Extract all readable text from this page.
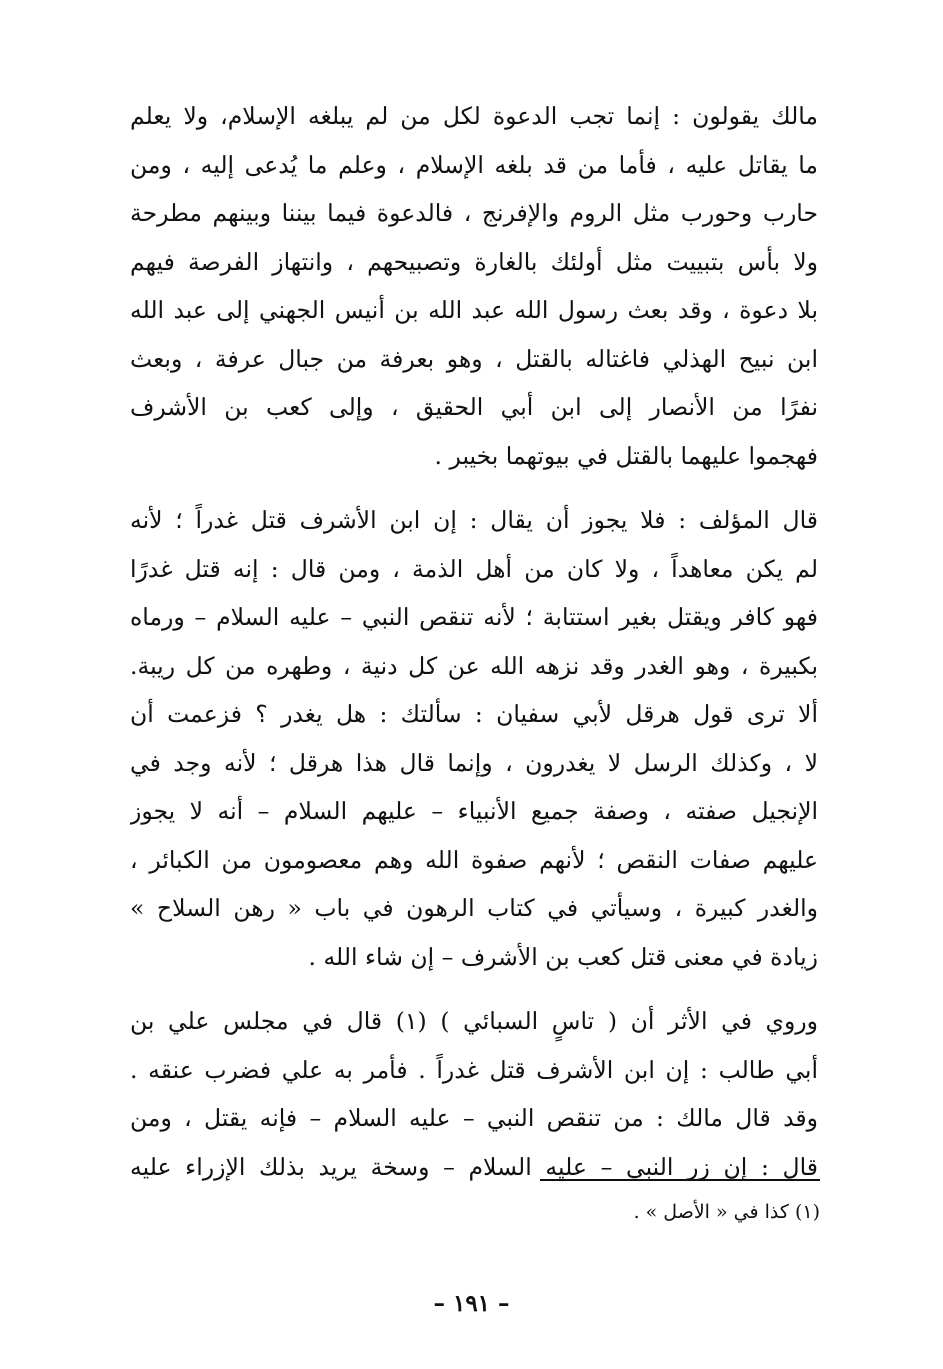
مالك يقولون : إنما تجب الدعوة لكل من لم يبلغه الإسلام، ولا يعلم
ما يقاتل عليه ، فأما من قد بلغه الإسلام ، وعلم ما يُدعى إليه ، ومن
حارب وحورب مثل الروم والإفرنج ، فالدعوة فيما بيننا وبينهم مطرحة
ولا بأس بتبييت مثل أولئك بالغارة وتصبيحهم ، وانتهاز الفرصة فيهم
بلا دعوة ، وقد بعث رسول الله عبد الله بن أنيس الجهني إلى عبد الله
ابن نبيح الهذلي فاغتاله بالقتل ، وهو بعرفة من جبال عرفة ، وبعث
نفرًا من الأنصار إلى ابن أبي الحقيق ، وإلى كعب بن الأشرف
فهجموا عليهما بالقتل في بيوتهما بخيبر .
قال المؤلف : فلا يجوز أن يقال : إن ابن الأشرف قتل غدراً ؛ لأنه
لم يكن معاهداً ، ولا كان من أهل الذمة ، ومن قال : إنه قتل غدرًا
فهو كافر ويقتل بغير استتابة ؛ لأنه تنقص النبي – عليه السلام – ورماه
بكبيرة ، وهو الغدر وقد نزهه الله عن كل دنية ، وطهره من كل ريبة.
ألا ترى قول هرقل لأبي سفيان : سألتك : هل يغدر ؟ فزعمت أن
لا ، وكذلك الرسل لا يغدرون ، وإنما قال هذا هرقل ؛ لأنه وجد في
الإنجيل صفته ، وصفة جميع الأنبياء – عليهم السلام – أنه لا يجوز
عليهم صفات النقص ؛ لأنهم صفوة الله وهم معصومون من الكبائر ،
والغدر كبيرة ، وسيأتي في كتاب الرهون في باب « رهن السلاح »
زيادة في معنى قتل كعب بن الأشرف – إن شاء الله .
وروي في الأثر أن ( تاسٍ السبائي ) (١) قال في مجلس علي بن
أبي طالب : إن ابن الأشرف قتل غدراً . فأمر به علي فضرب عنقه .
وقد قال مالك : من تنقص النبي – عليه السلام – فإنه يقتل ، ومن
قال : إن زر النبي – عليه السلام – وسخة يريد بذلك الإزراء عليه
(١) كذا في « الأصل » .
– ١٩١ –
